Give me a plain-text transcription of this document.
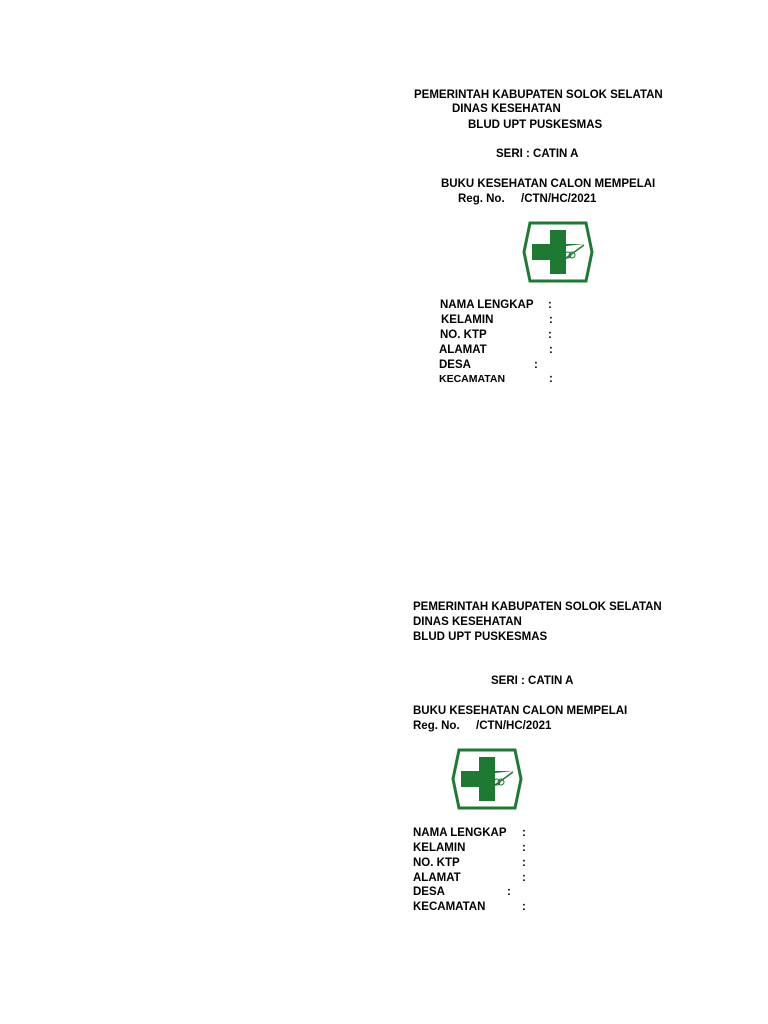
PEMERINTAH KABUPATEN SOLOK SELATAN
DINAS KESEHATAN
BLUD UPT PUSKESMAS
SERI : CATIN A
BUKU KESEHATAN CALON MEMPELAI
Reg. No. /CTN/HC/2021
NAMA LENGKAP :
KELAMIN	:
NO. KTP	:
ALAMAT	:
DESA	:
KECAMATAN	:
PEMERINTAH KABUPATEN SOLOK SELATAN
DINAS KESEHATAN
BLUD UPT PUSKESMAS
SERI : CATIN A
BUKU KESEHATAN CALON MEMPELAI
Reg. No. /CTN/HC/2021
NAMA LENGKAP :
KELAMIN	:
NO. KTP	:
ALAMAT	:
DESA	:
KECAMATAN	:
